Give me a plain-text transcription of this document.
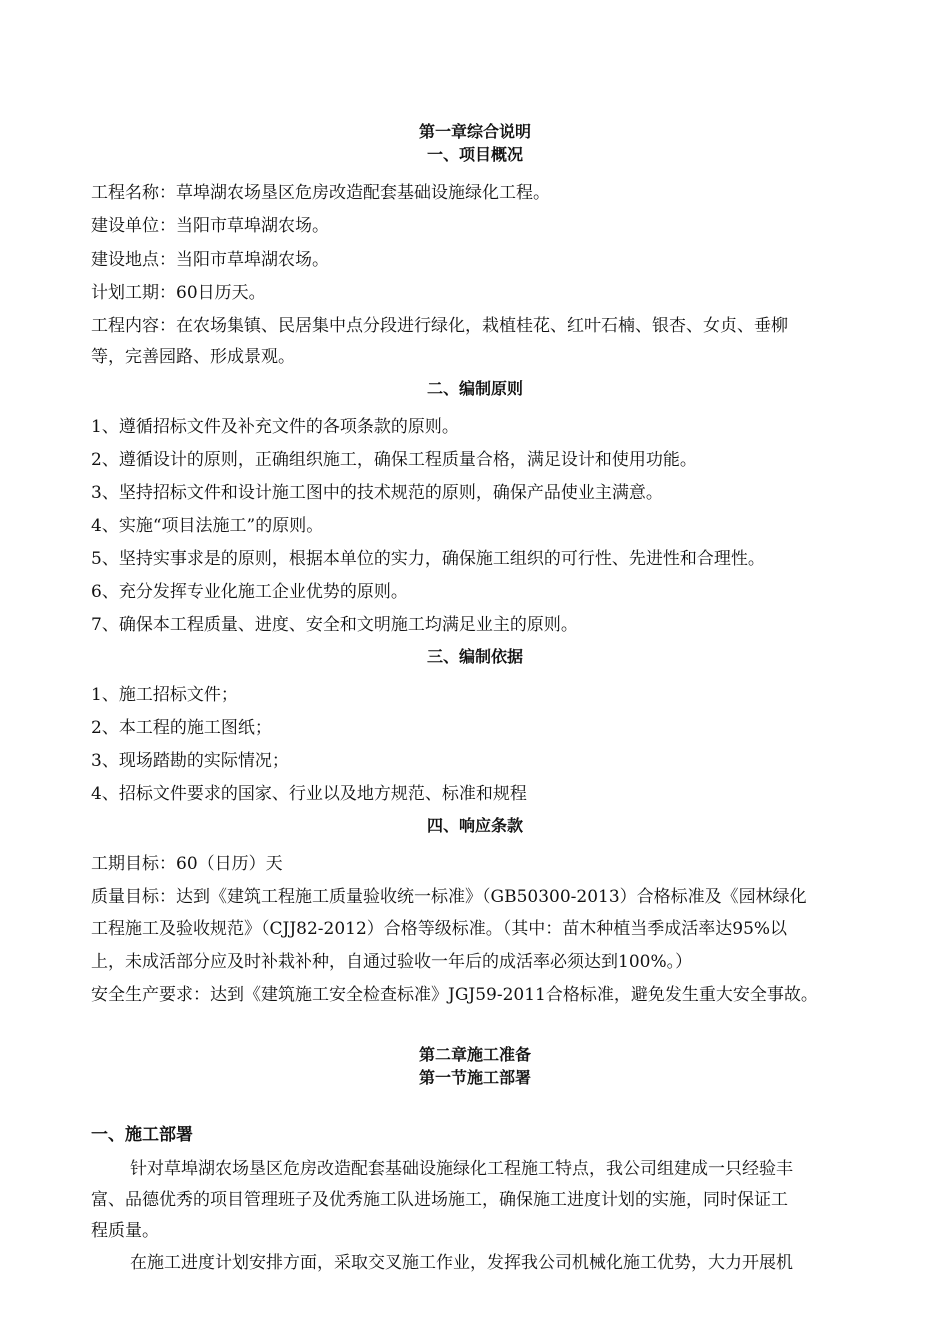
第一章综合说明
一、项目概况
工程名称：草埠湖农场垦区危房改造配套基础设施绿化工程。
建设单位：当阳市草埠湖农场。
建设地点：当阳市草埠湖农场。
计划工期：60日历天。
工程内容：在农场集镇、民居集中点分段进行绿化，栽植桂花、红叶石楠、银杏、女贞、垂柳
等，完善园路、形成景观。
二、编制原则
1、遵循招标文件及补充文件的各项条款的原则。
2、遵循设计的原则，正确组织施工，确保工程质量合格，满足设计和使用功能。
3、坚持招标文件和设计施工图中的技术规范的原则，确保产品使业主满意。
4、实施“项目法施工”的原则。
5、坚持实事求是的原则，根据本单位的实力，确保施工组织的可行性、先进性和合理性。
6、充分发挥专业化施工企业优势的原则。
7、确保本工程质量、进度、安全和文明施工均满足业主的原则。
三、编制依据
1、施工招标文件；
2、本工程的施工图纸；
3、现场踏勘的实际情况；
4、招标文件要求的国家、行业以及地方规范、标准和规程
四、响应条款
工期目标：60（日历）天
质量目标：达到《建筑工程施工质量验收统一标准》（GB50300-2013）合格标准及《园林绿化
工程施工及验收规范》（CJJ82-2012）合格等级标准。（其中：苗木种植当季成活率达95%以
上，未成活部分应及时补栽补种，自通过验收一年后的成活率必须达到100%。）
安全生产要求：达到《建筑施工安全检查标准》JGJ59-2011合格标准，避免发生重大安全事故。
第二章施工准备
第一节施工部署
一、施工部署
针对草埠湖农场垦区危房改造配套基础设施绿化工程施工特点，我公司组建成一只经验丰
富、品德优秀的项目管理班子及优秀施工队进场施工，确保施工进度计划的实施，同时保证工
程质量。
在施工进度计划安排方面，采取交叉施工作业，发挥我公司机械化施工优势，大力开展机
